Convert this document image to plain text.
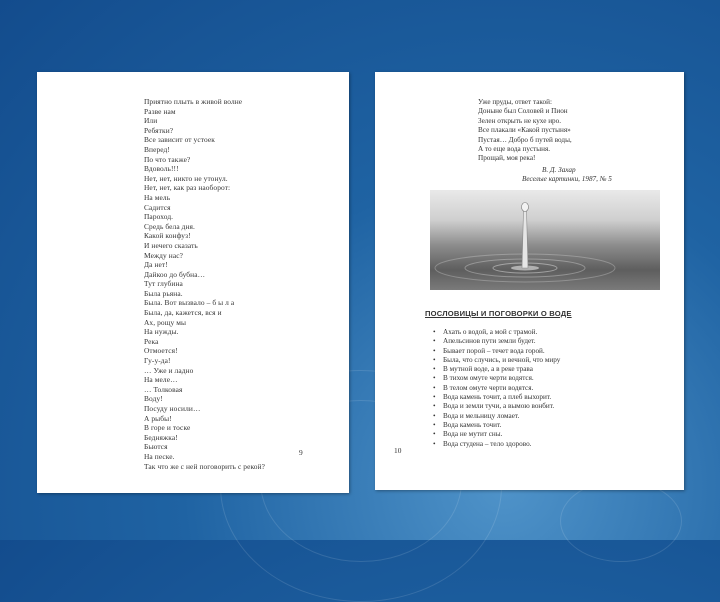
Приятно плыть в живой волне
Разве нам
Или
Ребятки?
Все зависит от устоек
Вперед!
По что также?
Вдоволь!!!
Нет, нет, никто не утонул.
Нет, нет, как раз наоборот:
На мель
Садится
Пароход.
Средь бела дня.
Какой конфуз!
И нечего сказать
Между нас?
Да нет!
Дайкоо до бубна…
Тут глубина
Была рьяна.
Была. Вот вызвало – б ы л а
Была, да, кажется, вся и
Ах, рощу мы
На нужды.
Река
Отмоется!
Гу-у-да!
… Уже и ладно
На меле…
… Толковая
Воду!
Посуду носили…
А рыбы!
В горе и тоске
Бедняжка!
Бьются
На песке.
Так что же с ней поговорить с рекой?
9
Уже пруды, ответ такой:
Доныне был Соловей и Пион
Зелен открыть не кухе иро.
Все плакали «Какой пустыня»
Пустая… Добро б путей воды,
А то еще вода пустыня.
Прощай, моя река!
В. Д. Захар
Веселые картинки, 1987, № 5
ПОСЛОВИЦЫ И ПОГОВОРКИ О ВОДЕ
• Ахать о водой, а мой с трамой.
• Апельсинов пути земли будет.
• Бывает порой – течет вода горой.
• Была, что случись, и вечной, что миру
• В мутной воде, а в реке трава
• В тихом омуте черти водятся.
• В телом омуте черти водятся.
• Вода камень точит, а плеб выхорит.
• Вода и земли тучи, а вымою вонбит.
• Вода и мельницу ломает.
• Вода камень точит.
• Вода не мутит сны.
• Вода студена – тело здорово.
10
